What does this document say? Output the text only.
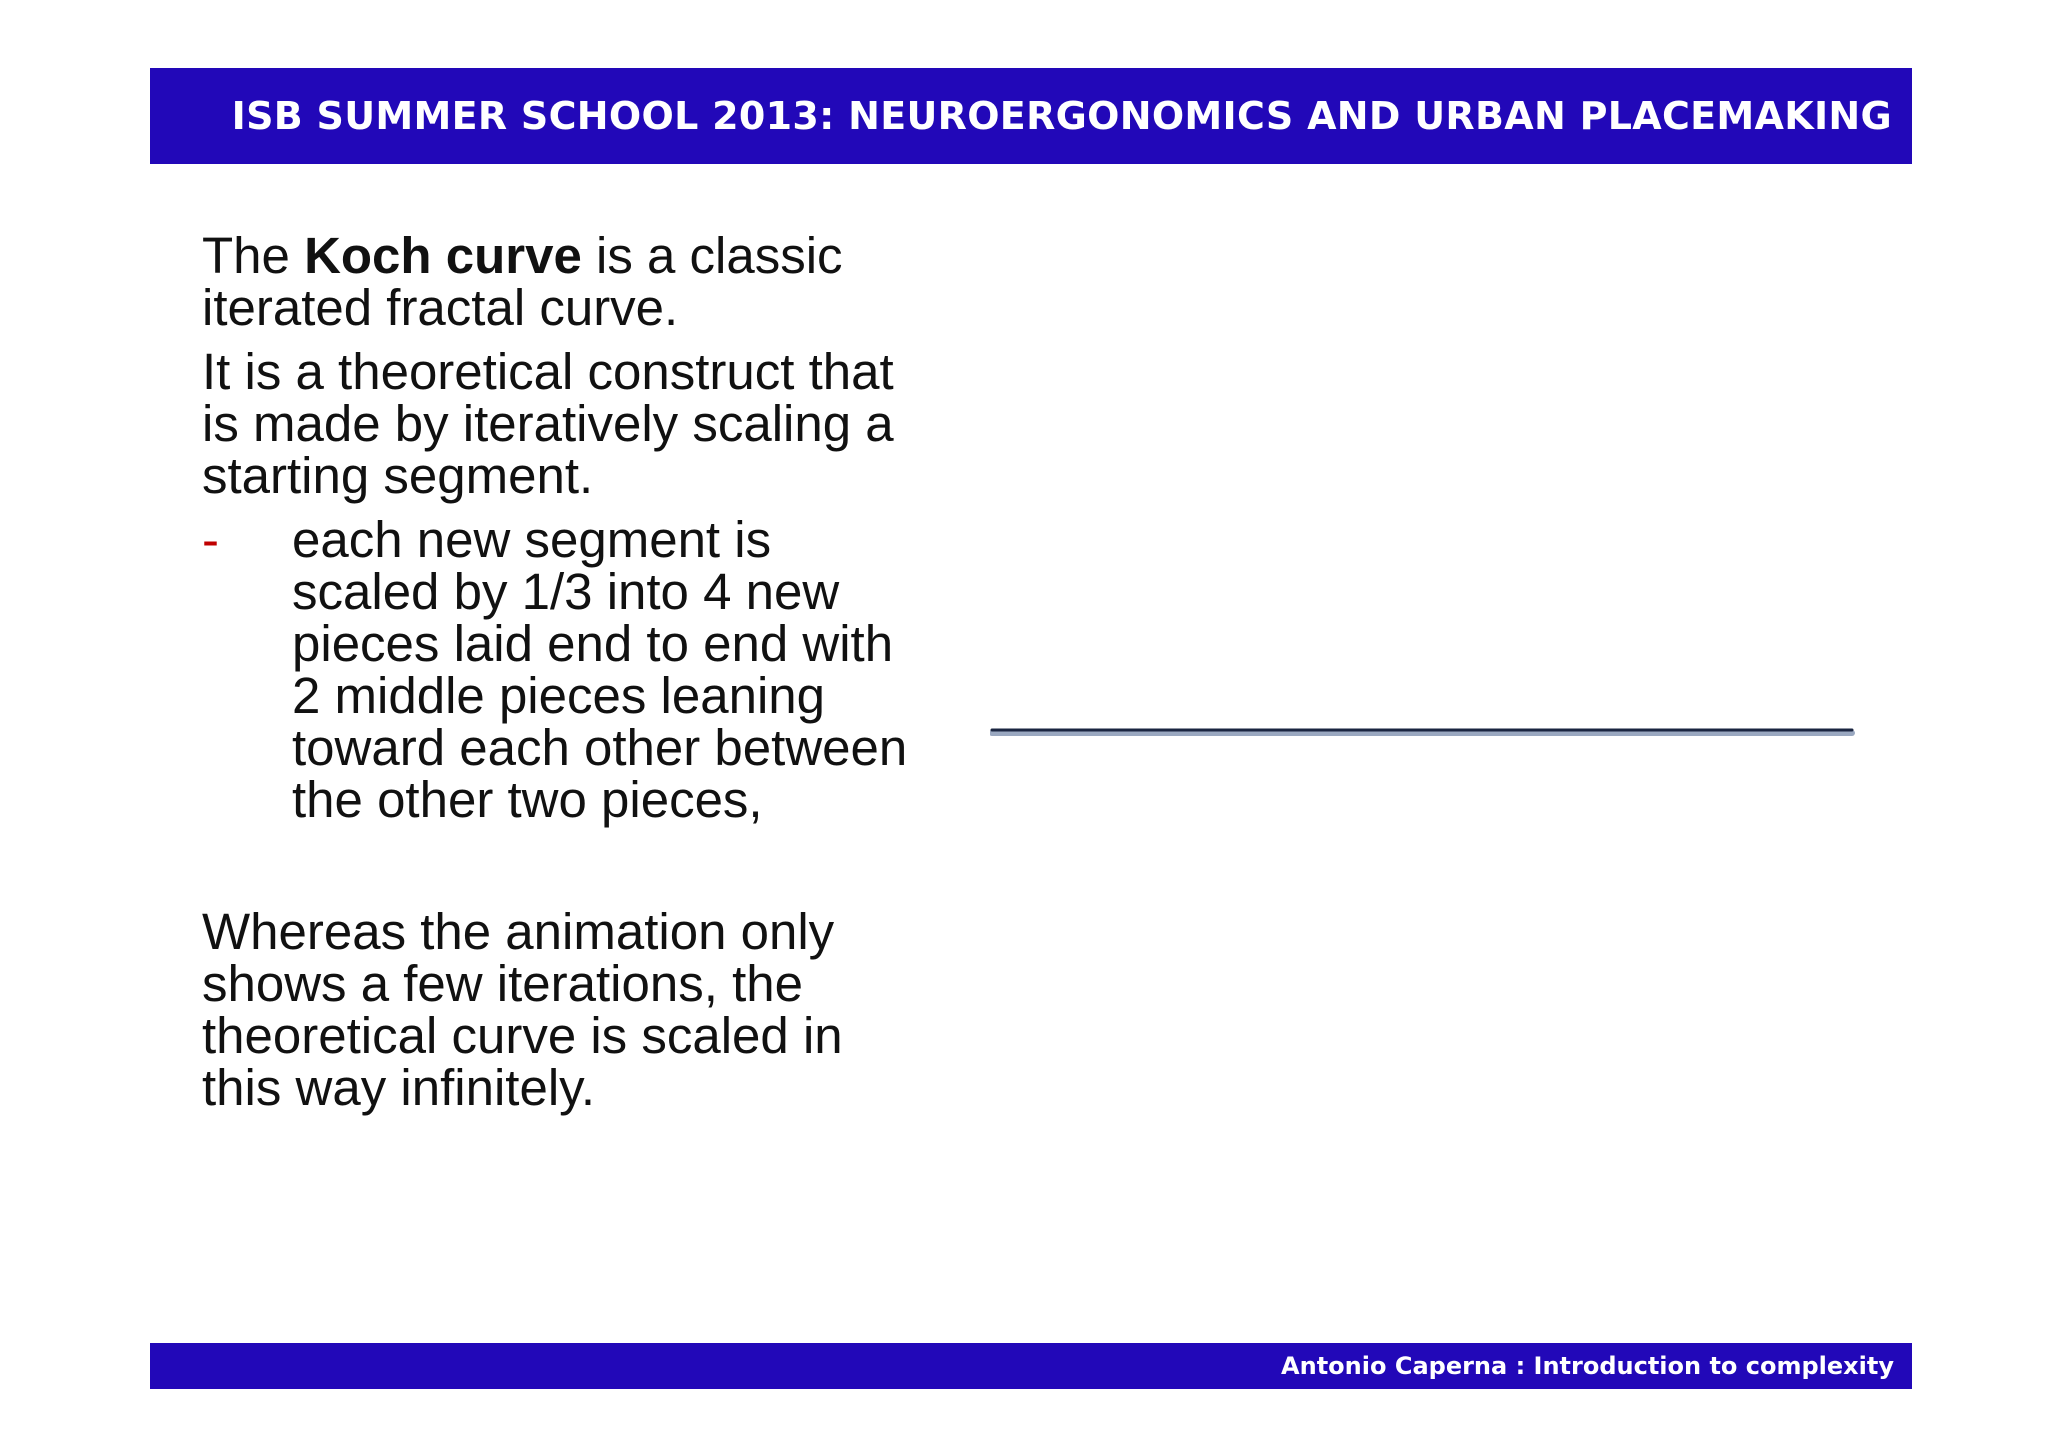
ISB SUMMER SCHOOL 2013: NEUROERGONOMICS AND URBAN PLACEMAKING

The Koch curve is a classic iterated fractal curve.

It is a theoretical construct that is made by iteratively scaling a starting segment.

-	each new segment is scaled by 1/3 into 4 new pieces laid end to end with 2 middle pieces leaning toward each other between the other two pieces,

Whereas the animation only shows a few iterations, the theoretical curve is scaled in this way infinitely.

Antonio Caperna : Introduction to complexity
